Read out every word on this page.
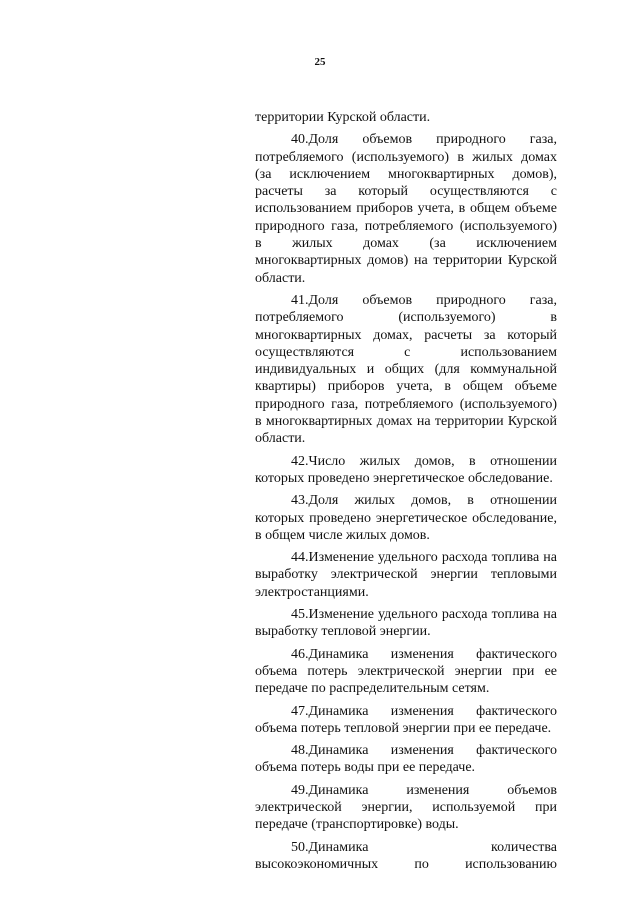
25

территории Курской области.

40.Доля объемов природного газа, потребляемого (используемого) в жилых домах (за исключением многоквартирных домов), расчеты за который осуществляются с использованием приборов учета, в общем объеме природного газа, потребляемого (используемого) в жилых домах (за исключением многоквартирных домов) на территории Курской области.

41.Доля объемов природного газа, потребляемого (используемого) в многоквартирных домах, расчеты за который осуществляются с использованием индивидуальных и общих (для коммунальной квартиры) приборов учета, в общем объеме природного газа, потребляемого (используемого) в многоквартирных домах на территории Курской области.

42.Число жилых домов, в отношении которых проведено энергетическое обследование.

43.Доля жилых домов, в отношении которых проведено энергетическое обследование, в общем числе жилых домов.

44.Изменение удельного расхода топлива на выработку электрической энергии тепловыми электростанциями.

45.Изменение удельного расхода топлива на выработку тепловой энергии.

46.Динамика изменения фактического объема потерь электрической энергии при ее передаче по распределительным сетям.

47.Динамика изменения фактического объема потерь тепловой энергии при ее передаче.

48.Динамика изменения фактического объема потерь воды при ее передаче.

49.Динамика изменения объемов электрической энергии, используемой при передаче (транспортировке) воды.

50.Динамика количества высокоэкономичных по использованию
